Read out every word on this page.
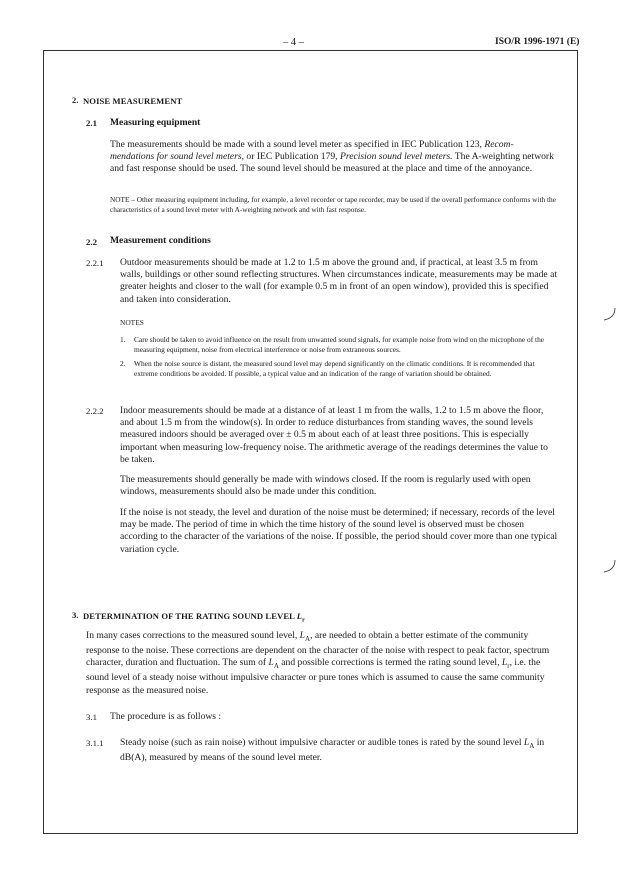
– 4 –	ISO/R 1996-1971 (E)
2. NOISE MEASUREMENT
2.1 Measuring equipment

The measurements should be made with a sound level meter as specified in IEC Publication 123, Recom-mendations for sound level meters, or IEC Publication 179, Precision sound level meters. The A-weighting network and fast response should be used. The sound level should be measured at the place and time of the annoyance.

NOTE – Other measuring equipment including, for example, a level recorder or tape recorder, may be used if the overall performance conforms with the characteristics of a sound level meter with A-weighting network and with fast response.

2.2 Measurement conditions
2.2.1 Outdoor measurements should be made at 1.2 to 1.5 m above the ground and, if practical, at least 3.5 m from walls, buildings or other sound reflecting structures. When circumstances indicate, measurements may be made at greater heights and closer to the wall (for example 0.5 m in front of an open window), provided this is specified and taken into consideration.

NOTES
1. Care should be taken to avoid influence on the result from unwanted sound signals, for example noise from wind on the microphone of the measuring equipment, noise from electrical interference or noise from extraneous sources.

2. When the noise source is distant, the measured sound level may depend significantly on the climatic conditions. It is recommended that extreme conditions be avoided. If possible, a typical value and an indication of the range of variation should be obtained.

2.2.2 Indoor measurements should be made at a distance of at least 1 m from the walls, 1.2 to 1.5 m above the floor, and about 1.5 m from the window(s). In order to reduce disturbances from standing waves, the sound levels measured indoors should be averaged over ± 0.5 m about each of at least three positions. This is especially important when measuring low-frequency noise. The arithmetic average of the readings determines the value to be taken.

The measurements should generally be made with windows closed. If the room is regularly used with open windows, measurements should also be made under this condition.

If the noise is not steady, the level and duration of the noise must be determined; if necessary, records of the level may be made. The period of time in which the time history of the sound level is observed must be chosen according to the character of the variations of the noise. If possible, the period should cover more than one typical variation cycle.

3. DETERMINATION OF THE RATING SOUND LEVEL $L_r$

In many cases corrections to the measured sound level, $L_A$, are needed to obtain a better estimate of the community response to the noise. These corrections are dependent on the character of the noise with respect to peak factor, spectrum character, duration and fluctuation. The sum of $L_A$ and possible corrections is termed the rating sound level, $L_r$, i.e. the sound level of a steady noise without impulsive character or pure tones which is assumed to cause the same community response as the measured noise.

3.1 The procedure is as follows :
3.1.1 Steady noise (such as rain noise) without impulsive character or audible tones is rated by the sound level $L_A$ in dB(A), measured by means of the sound level meter.
